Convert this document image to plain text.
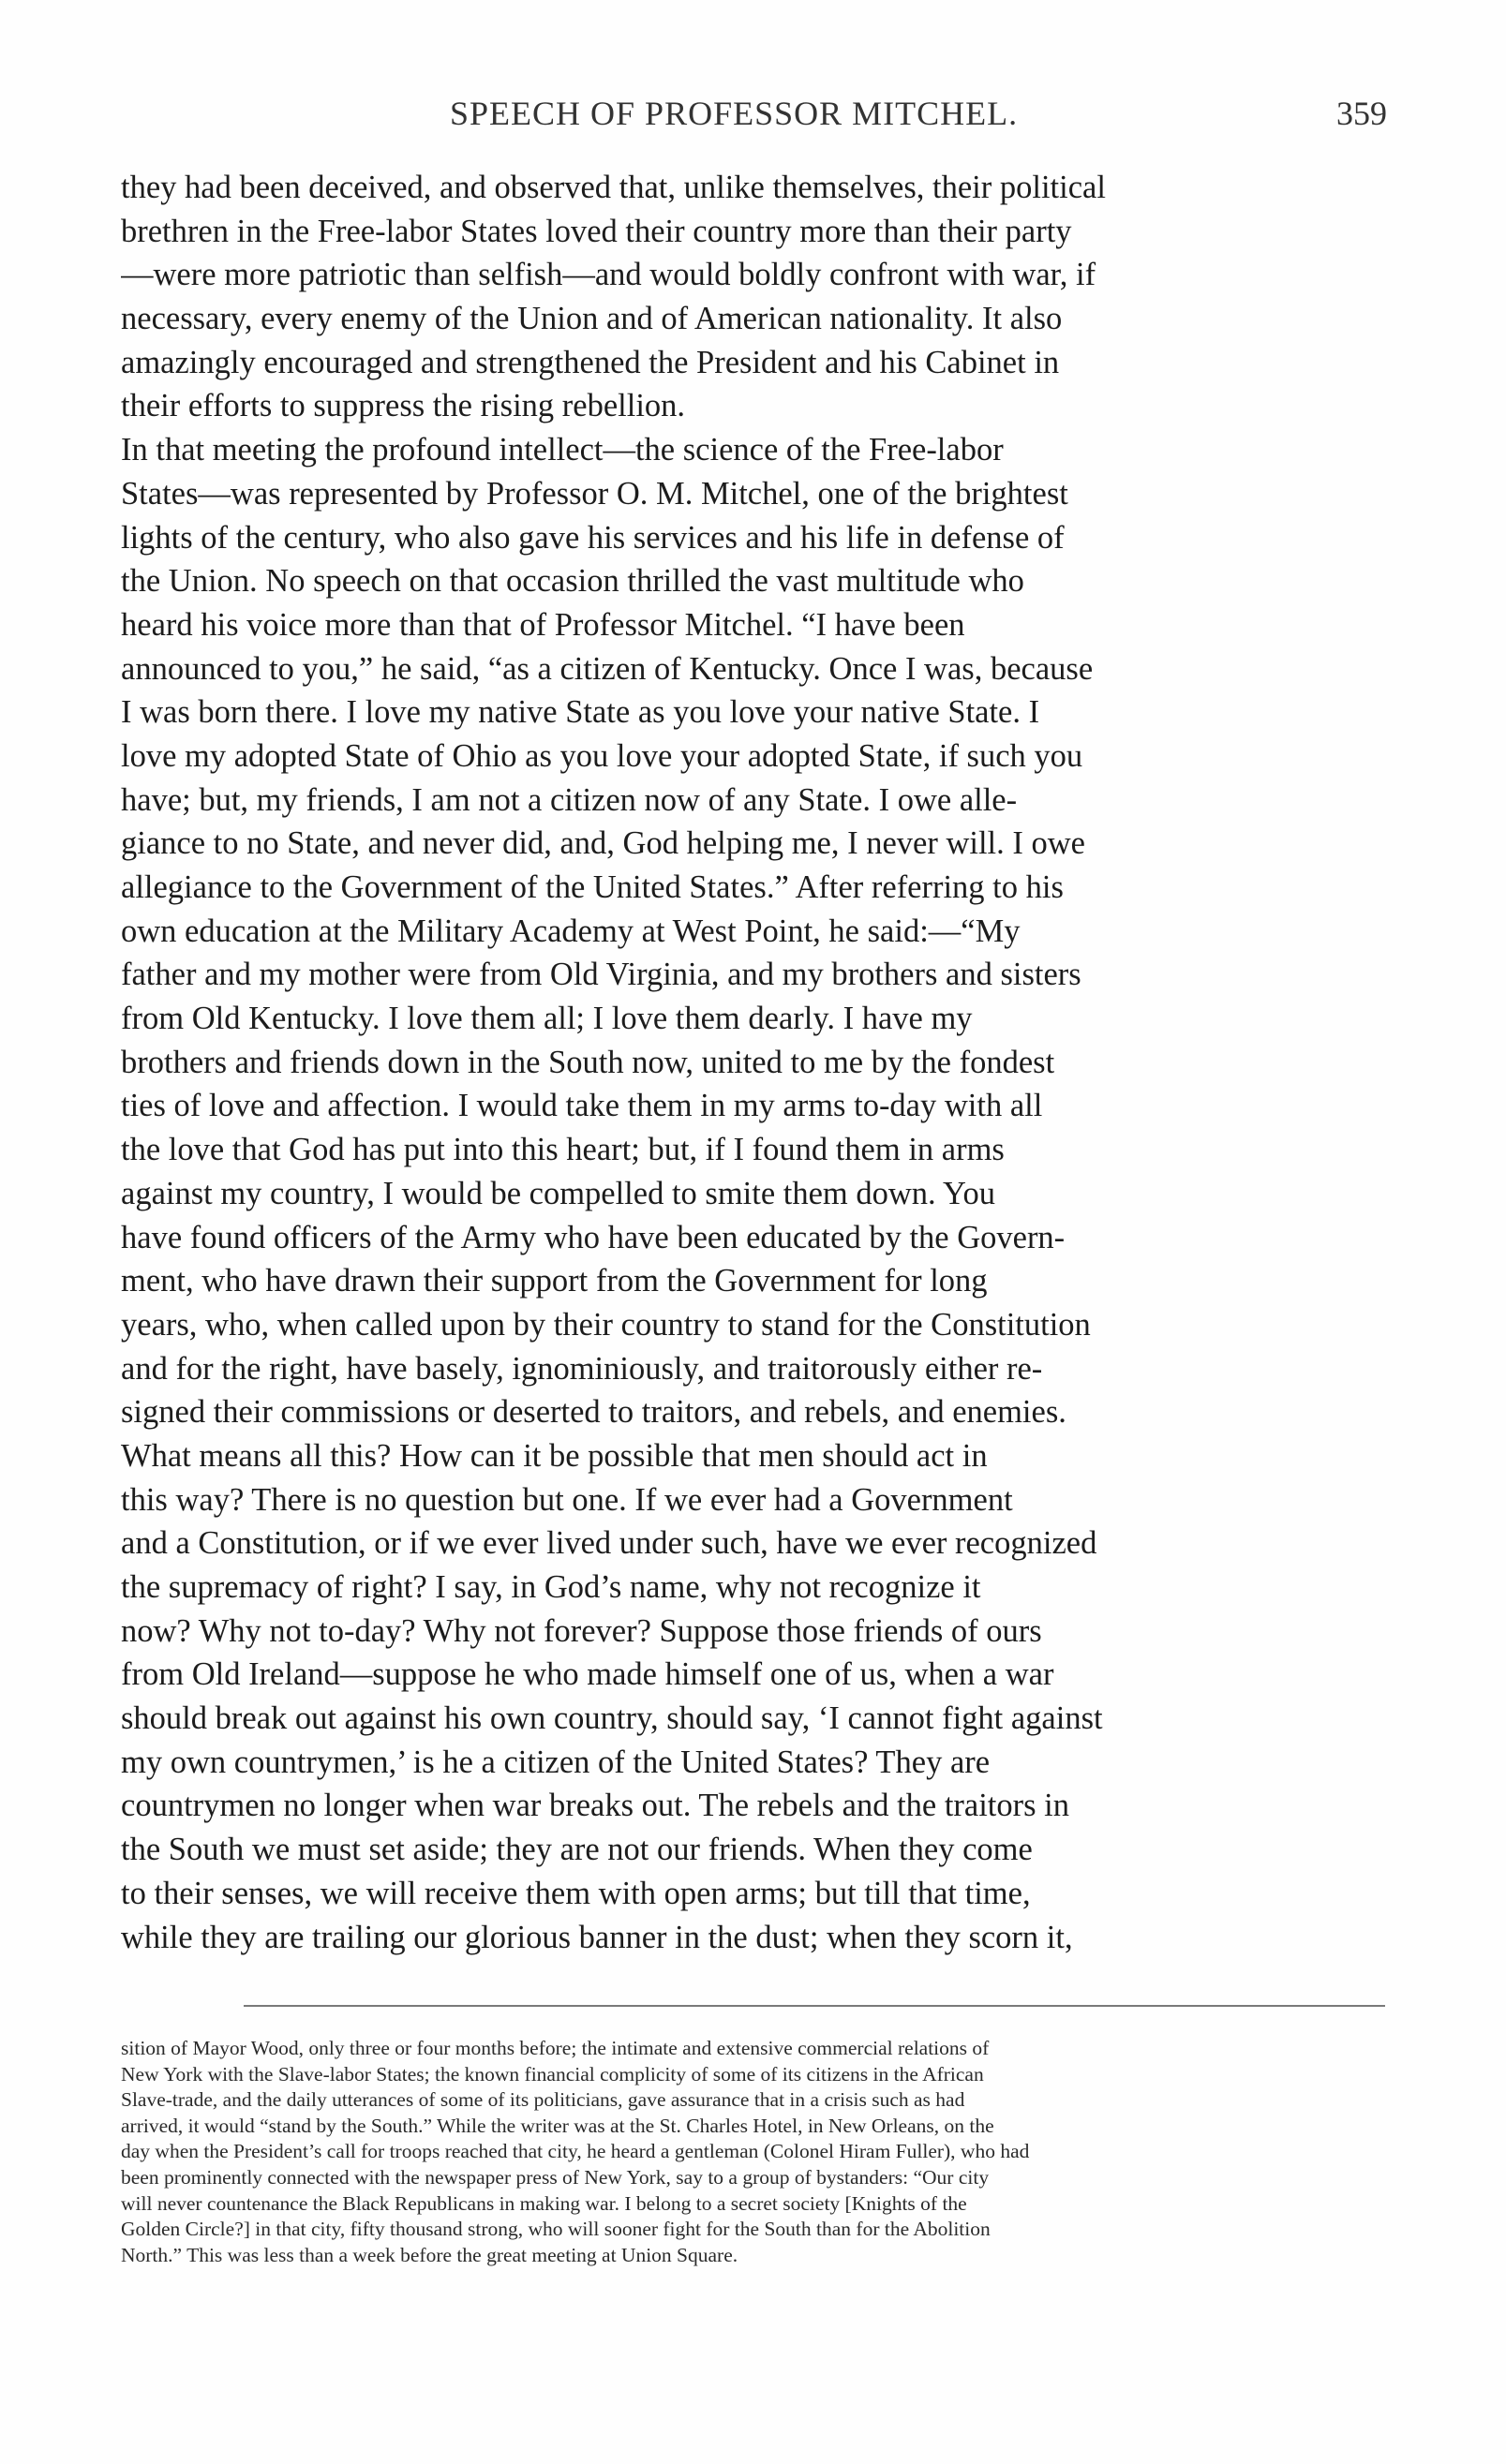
SPEECH OF PROFESSOR MITCHEL.	359
they had been deceived, and observed that, unlike themselves, their political
brethren in the Free-labor States loved their country more than their party
—were more patriotic than selfish—and would boldly confront with war, if
necessary, every enemy of the Union and of American nationality. It also
amazingly encouraged and strengthened the President and his Cabinet in
their efforts to suppress the rising rebellion.
In that meeting the profound intellect—the science of the Free-labor
States—was represented by Professor O. M. Mitchel, one of the brightest
lights of the century, who also gave his services and his life in defense of
the Union. No speech on that occasion thrilled the vast multitude who
heard his voice more than that of Professor Mitchel. “I have been
announced to you,” he said, “as a citizen of Kentucky. Once I was, because
I was born there. I love my native State as you love your native State. I
love my adopted State of Ohio as you love your adopted State, if such you
have; but, my friends, I am not a citizen now of any State. I owe alle-
giance to no State, and never did, and, God helping me, I never will. I owe
allegiance to the Government of the United States.” After referring to his
own education at the Military Academy at West Point, he said:—“My
father and my mother were from Old Virginia, and my brothers and sisters
from Old Kentucky. I love them all; I love them dearly. I have my
brothers and friends down in the South now, united to me by the fondest
ties of love and affection. I would take them in my arms to-day with all
the love that God has put into this heart; but, if I found them in arms
against my country, I would be compelled to smite them down. You
have found officers of the Army who have been educated by the Govern-
ment, who have drawn their support from the Government for long
years, who, when called upon by their country to stand for the Constitution
and for the right, have basely, ignominiously, and traitorously either re-
signed their commissions or deserted to traitors, and rebels, and enemies.
What means all this? How can it be possible that men should act in
this way? There is no question but one. If we ever had a Government
and a Constitution, or if we ever lived under such, have we ever recognized
the supremacy of right? I say, in God’s name, why not recognize it
now? Why not to-day? Why not forever? Suppose those friends of ours
from Old Ireland—suppose he who made himself one of us, when a war
should break out against his own country, should say, ‘I cannot fight against
my own countrymen,’ is he a citizen of the United States? They are
countrymen no longer when war breaks out. The rebels and the traitors in
the South we must set aside; they are not our friends. When they come
to their senses, we will receive them with open arms; but till that time,
while they are trailing our glorious banner in the dust; when they scorn it,
sition of Mayor Wood, only three or four months before; the intimate and extensive commercial relations of
New York with the Slave-labor States; the known financial complicity of some of its citizens in the African
Slave-trade, and the daily utterances of some of its politicians, gave assurance that in a crisis such as had
arrived, it would “stand by the South.” While the writer was at the St. Charles Hotel, in New Orleans, on the
day when the President’s call for troops reached that city, he heard a gentleman (Colonel Hiram Fuller), who had
been prominently connected with the newspaper press of New York, say to a group of bystanders: “Our city
will never countenance the Black Republicans in making war. I belong to a secret society [Knights of the
Golden Circle?] in that city, fifty thousand strong, who will sooner fight for the South than for the Abolition
North.” This was less than a week before the great meeting at Union Square.
